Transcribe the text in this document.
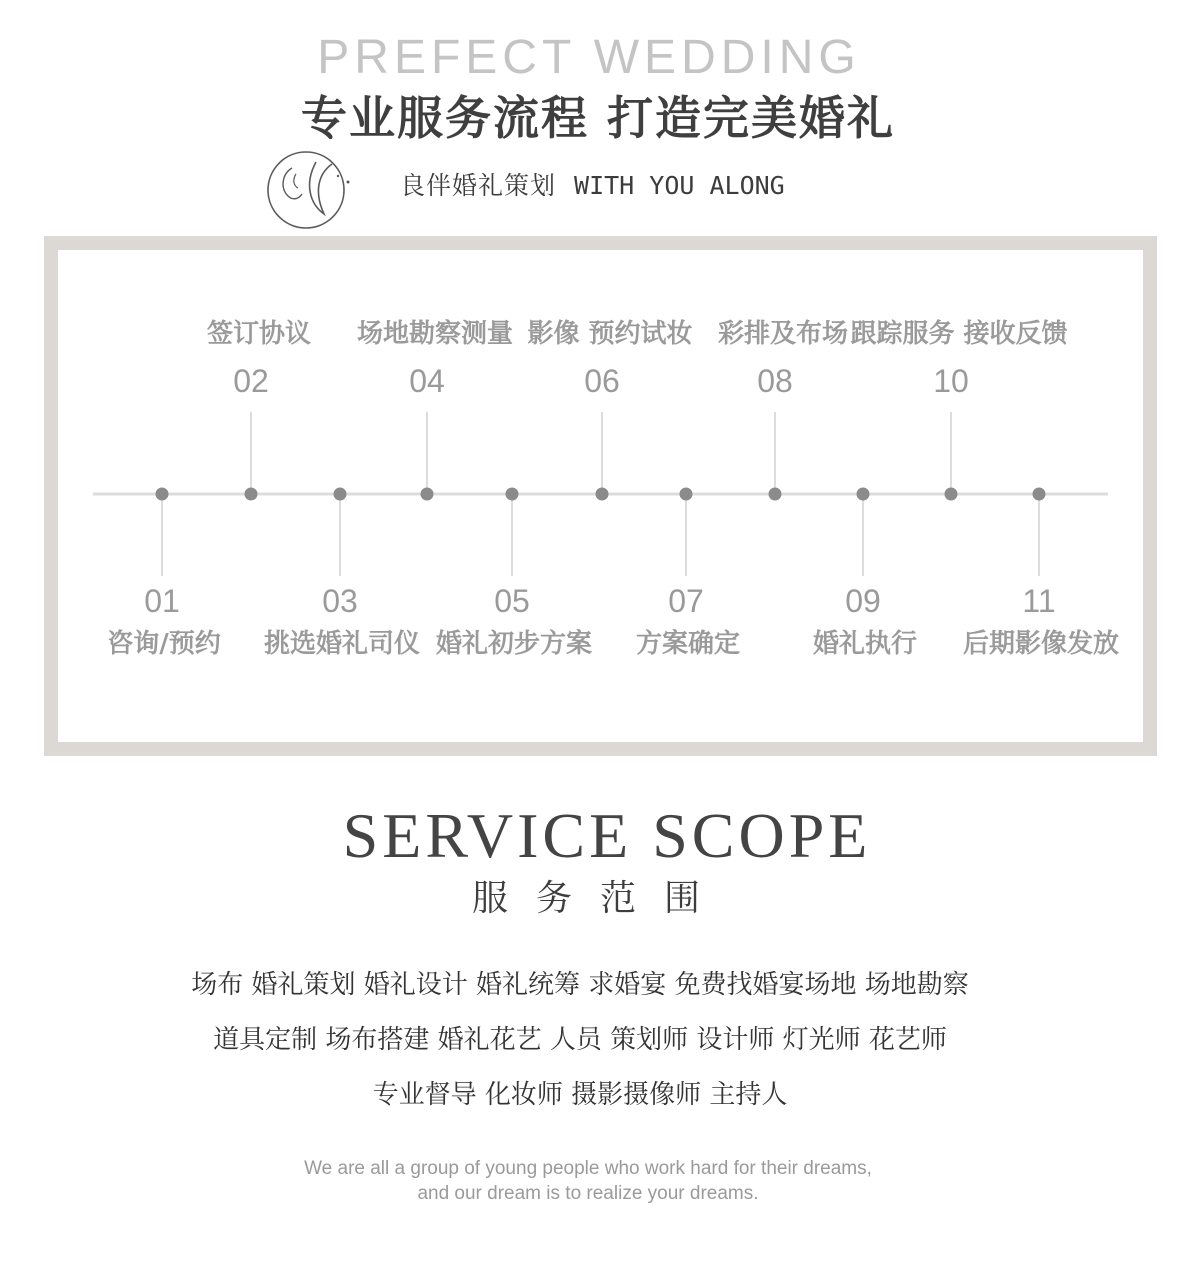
PREFECT WEDDING
专业服务流程 打造完美婚礼
良伴婚礼策划 WITH YOU ALONG
01
咨询/预约
02
签订协议
03
挑选婚礼司仪
04
场地勘察测量
05
婚礼初步方案
06
影像 预约试妆
07
方案确定
08
彩排及布场
09
婚礼执行
10
跟踪服务 接收反馈
11
后期影像发放
SERVICE SCOPE
服务范围
场布 婚礼策划 婚礼设计 婚礼统筹 求婚宴 免费找婚宴场地 场地勘察
道具定制 场布搭建 婚礼花艺 人员 策划师 设计师 灯光师 花艺师
专业督导 化妆师 摄影摄像师 主持人
We are all a group of young people who work hard for their dreams,
and our dream is to realize your dreams.
